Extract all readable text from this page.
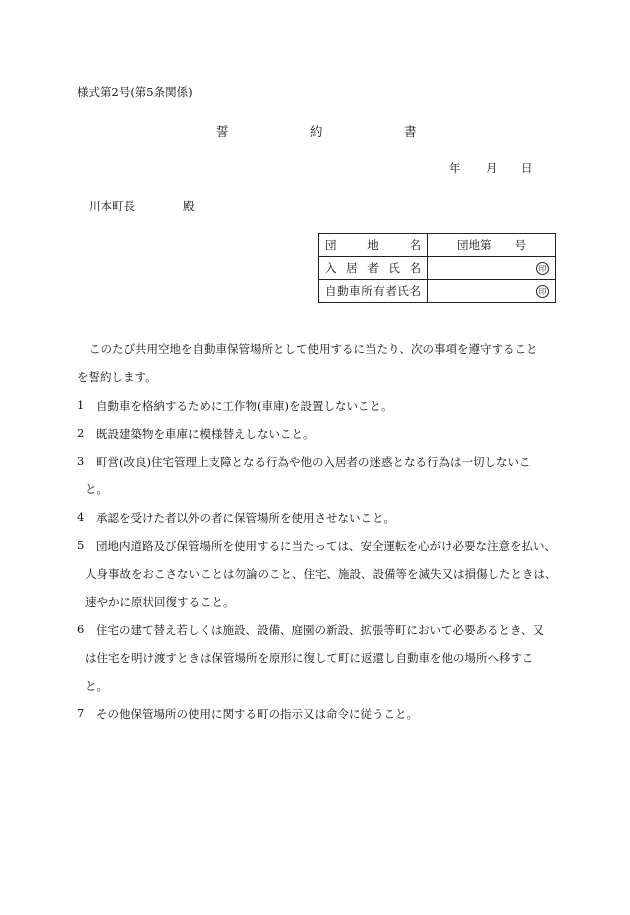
様式第2号(第5条関係)
誓	約	書
年 月 日
川本町長	殿
団地名	団地第　　号
入居者氏名	印
自動車所有者氏名	印
このたび共用空地を自動車保管場所として使用するに当たり、次の事項を遵守すること
を誓約します。
1 自動車を格納するために工作物(車庫)を設置しないこと。
2 既設建築物を車庫に模様替えしないこと。
3 町営(改良)住宅管理上支障となる行為や他の入居者の迷惑となる行為は一切しないこ
と。
4 承認を受けた者以外の者に保管場所を使用させないこと。
5 団地内道路及び保管場所を使用するに当たっては、安全運転を心がけ必要な注意を払い、
人身事故をおこさないことは勿論のこと、住宅、施設、設備等を滅失又は損傷したときは、
速やかに原状回復すること。
6 住宅の建て替え若しくは施設、設備、庭園の新設、拡張等町において必要あるとき、又
は住宅を明け渡すときは保管場所を原形に復して町に返還し自動車を他の場所へ移すこ
と。
7 その他保管場所の使用に関する町の指示又は命令に従うこと。
